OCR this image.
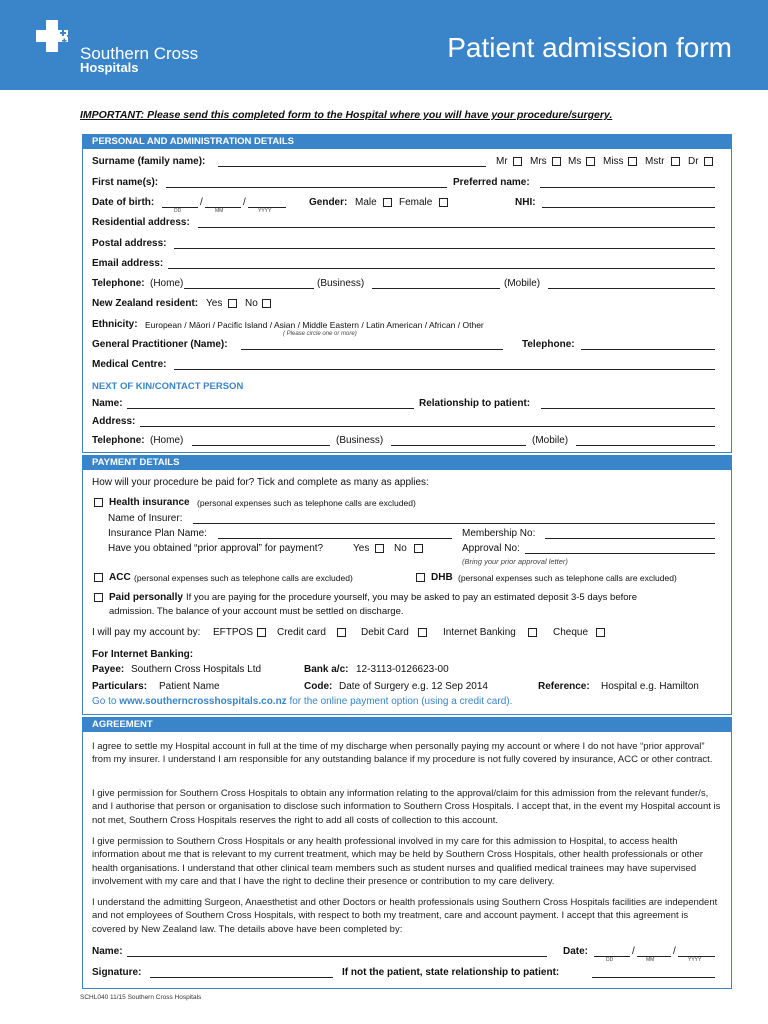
Southern Cross
Hospitals
Patient admission form
IMPORTANT: Please send this completed form to the Hospital where you will have your procedure/surgery.
PERSONAL AND ADMINISTRATION DETAILS
Surname (family name):	Mr Mrs Ms Miss Mstr Dr
First name(s):	Preferred name:
Date of birth:	/	/
DD	MM	YYYY
Gender: Male Female	NHI:
Residential address:
Postal address:
Email address:
Telephone: (Home)	(Business)	(Mobile)
New Zealand resident: Yes No
Ethnicity: European / Māori / Pacific Island / Asian / Middle Eastern / Latin American / African / Other
( Please circle one or more)
General Practitioner (Name):	Telephone:
Medical Centre:
NEXT OF KIN/CONTACT PERSON
Name:	Relationship to patient:
Address:
Telephone: (Home)	(Business)	(Mobile)
PAYMENT DETAILS
How will your procedure be paid for? Tick and complete as many as applies:
Health insurance (personal expenses such as telephone calls are excluded)
Name of Insurer:
Insurance Plan Name:	Membership No:
Have you obtained “prior approval” for payment?	Yes No	Approval No:
(Bring your prior approval letter)
ACC (personal expenses such as telephone calls are excluded)	DHB (personal expenses such as telephone calls are excluded)
Paid personally If you are paying for the procedure yourself, you may be asked to pay an estimated deposit 3-5 days before
admission. The balance of your account must be settled on discharge.
I will pay my account by: EFTPOS Credit card	Debit Card	Internet Banking	Cheque
For Internet Banking:
Payee: Southern Cross Hospitals Ltd	Bank a/c: 12-3113-0126623-00
Particulars: Patient Name	Code: Date of Surgery e.g. 12 Sep 2014	Reference: Hospital e.g. Hamilton
Go to www.southerncrosshospitals.co.nz for the online payment option (using a credit card).
AGREEMENT
I agree to settle my Hospital account in full at the time of my discharge when personally paying my account or where I do not have “prior approval” from my insurer. I understand I am responsible for any outstanding balance if my procedure is not fully covered by insurance, ACC or other contract.
I give permission for Southern Cross Hospitals to obtain any information relating to the approval/claim for this admission from the relevant funder/s, and I authorise that person or organisation to disclose such information to Southern Cross Hospitals. I accept that, in the event my Hospital account is not met, Southern Cross Hospitals reserves the right to add all costs of collection to this account.
I give permission to Southern Cross Hospitals or any health professional involved in my care for this admission to Hospital, to access health information about me that is relevant to my current treatment, which may be held by Southern Cross Hospitals, other health professionals or other health organisations. I understand that other clinical team members such as student nurses and qualified medical trainees may have supervised involvement with my care and that I have the right to decline their presence or contribution to my care delivery.
I understand the admitting Surgeon, Anaesthetist and other Doctors or health professionals using Southern Cross Hospitals facilities are independent and not employees of Southern Cross Hospitals, with respect to both my treatment, care and account payment. I accept that this agreement is covered by New Zealand law. The details above have been completed by:
Name:	Date:	/	/
DD	MM	YYYY
Signature:	If not the patient, state relationship to patient:
SCHL040 11/15 Southern Cross Hospitals
